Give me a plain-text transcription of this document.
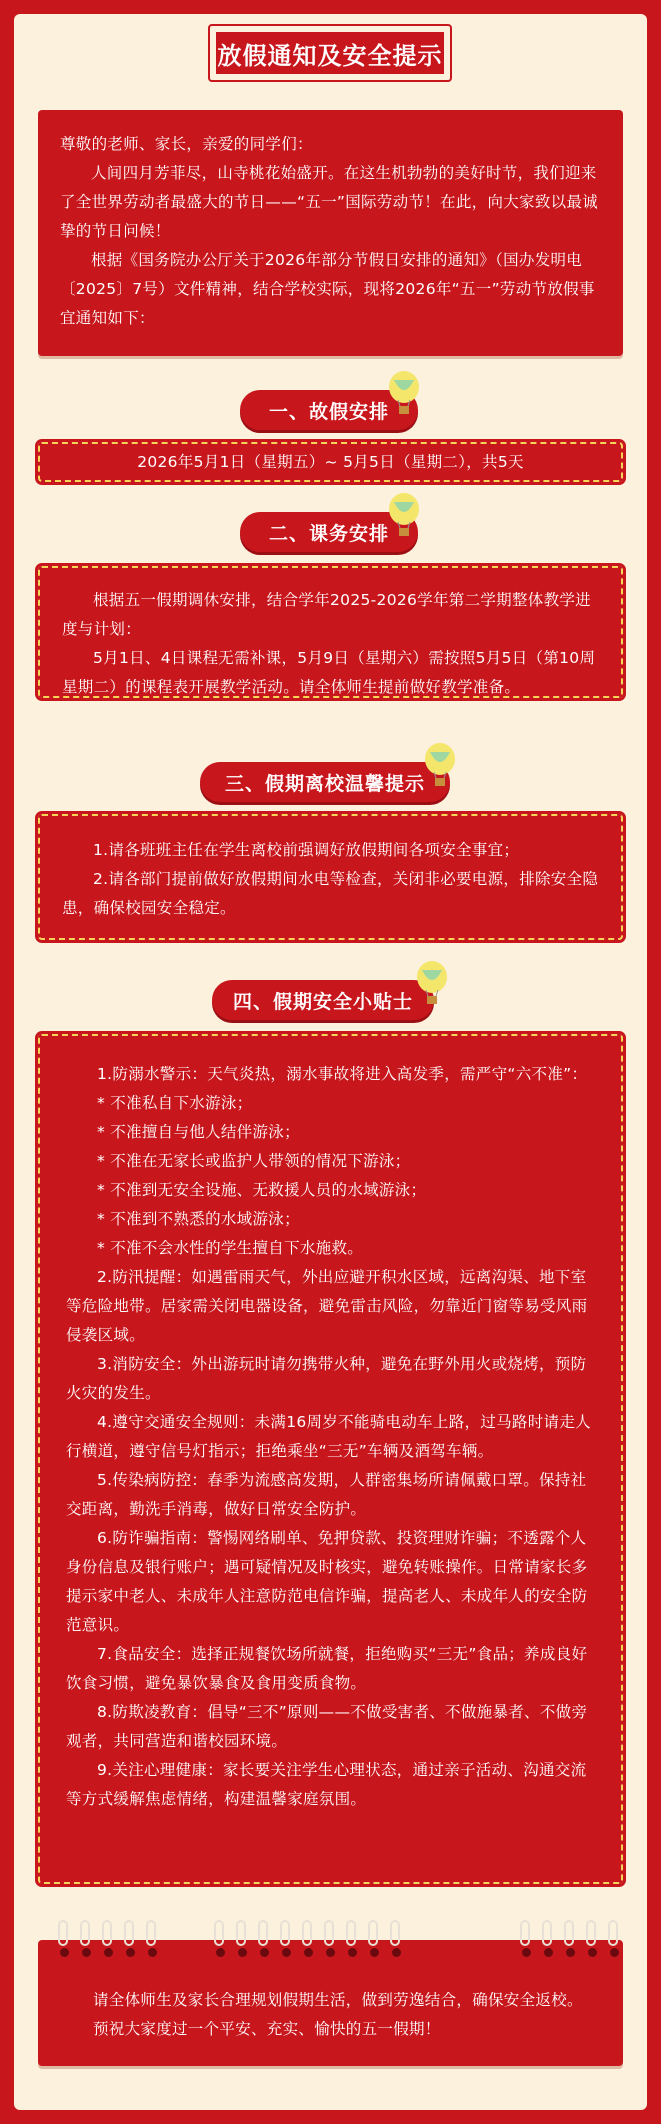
放假通知及安全提示

尊敬的老师、家长，亲爱的同学们：

人间四月芳菲尽，山寺桃花始盛开。在这生机勃勃的美好时节，我们迎来了全世界劳动者最盛大的节日——“五一”国际劳动节！在此，向大家致以最诚挚的节日问候！

根据《国务院办公厅关于2026年部分节假日安排的通知》（国办发明电〔2025〕7号）文件精神，结合学校实际，现将2026年“五一”劳动节放假事宜通知如下：

一、故假安排

2026年5月1日（星期五）~ 5月5日（星期二），共5天

二、课务安排

根据五一假期调休安排，结合学年2025-2026学年第二学期整体教学进度与计划：

5月1日、4日课程无需补课，5月9日（星期六）需按照5月5日（第10周星期二）的课程表开展教学活动。请全体师生提前做好教学准备。

三、假期离校温馨提示

1.请各班班主任在学生离校前强调好放假期间各项安全事宜；

2.请各部门提前做好放假期间水电等检查，关闭非必要电源，排除安全隐患，确保校园安全稳定。

四、假期安全小贴士

1.防溺水警示：天气炎热，溺水事故将进入高发季，需严守“六不准”：

* 不准私自下水游泳；

* 不准擅自与他人结伴游泳；

* 不准在无家长或监护人带领的情况下游泳；

* 不准到无安全设施、无救援人员的水域游泳；

* 不准到不熟悉的水域游泳；

* 不准不会水性的学生擅自下水施救。

2.防汛提醒：如遇雷雨天气，外出应避开积水区域，远离沟渠、地下室等危险地带。居家需关闭电器设备，避免雷击风险，勿靠近门窗等易受风雨侵袭区域。

3.消防安全：外出游玩时请勿携带火种，避免在野外用火或烧烤，预防火灾的发生。

4.遵守交通安全规则：未满16周岁不能骑电动车上路，过马路时请走人行横道，遵守信号灯指示；拒绝乘坐“三无”车辆及酒驾车辆。

5.传染病防控：春季为流感高发期，人群密集场所请佩戴口罩。保持社交距离，勤洗手消毒，做好日常安全防护。

6.防诈骗指南：警惕网络刷单、免押贷款、投资理财诈骗；不透露个人身份信息及银行账户；遇可疑情况及时核实，避免转账操作。日常请家长多提示家中老人、未成年人注意防范电信诈骗，提高老人、未成年人的安全防范意识。

7.食品安全：选择正规餐饮场所就餐，拒绝购买“三无”食品；养成良好饮食习惯，避免暴饮暴食及食用变质食物。

8.防欺凌教育：倡导“三不”原则——不做受害者、不做施暴者、不做旁观者，共同营造和谐校园环境。

9.关注心理健康：家长要关注学生心理状态，通过亲子活动、沟通交流等方式缓解焦虑情绪，构建温馨家庭氛围。

请全体师生及家长合理规划假期生活，做到劳逸结合，确保安全返校。

预祝大家度过一个平安、充实、愉快的五一假期！
